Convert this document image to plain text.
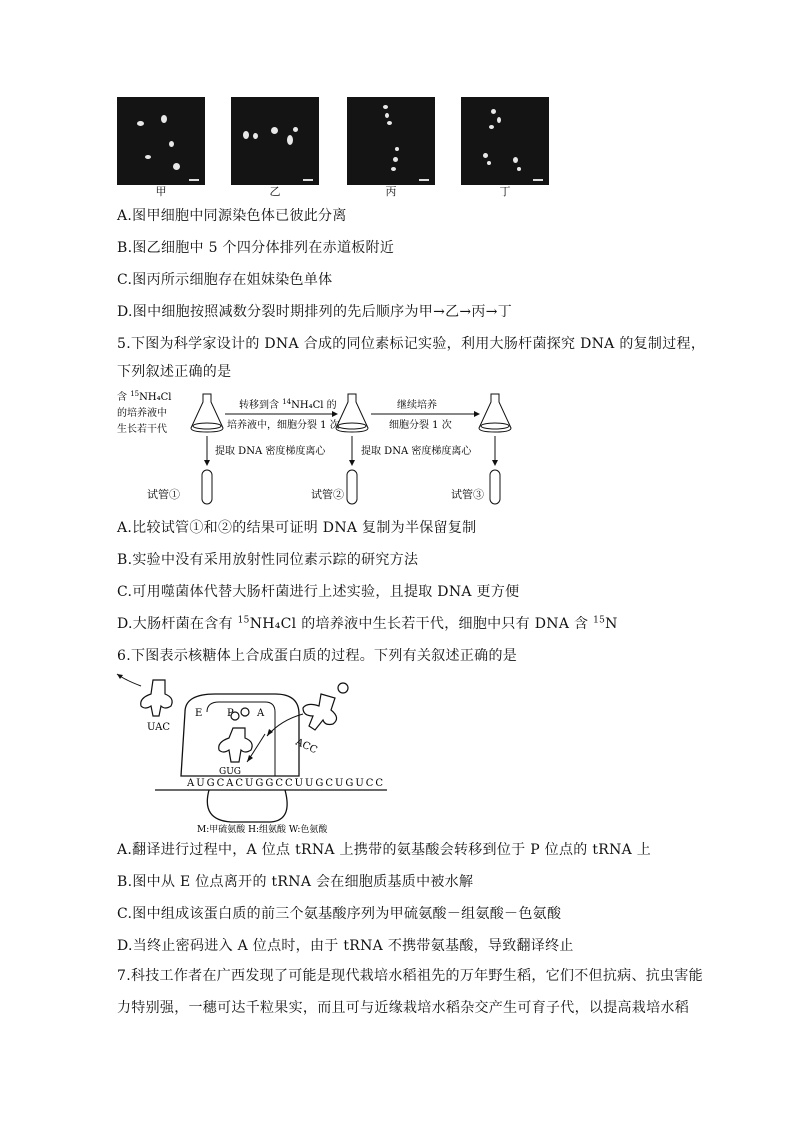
甲	乙	丙	丁
A.图甲细胞中同源染色体已彼此分离
B.图乙细胞中 5 个四分体排列在赤道板附近
C.图丙所示细胞存在姐妹染色单体
D.图中细胞按照减数分裂时期排列的先后顺序为甲→乙→丙→丁
5.下图为科学家设计的 DNA 合成的同位素标记实验，利用大肠杆菌探究 DNA 的复制过程，
下列叙述正确的是
含 $^{15}$NH₄Cl
的培养液中
生长若干代
转移到含 $^{14}$NH₄Cl 的
培养液中，细胞分裂 1 次
继续培养
细胞分裂 1 次
提取 DNA 密度梯度离心	提取 DNA 密度梯度离心
试管①	试管②	试管③
A.比较试管①和②的结果可证明 DNA 复制为半保留复制
B.实验中没有采用放射性同位素示踪的研究方法
C.可用噬菌体代替大肠杆菌进行上述实验，且提取 DNA 更方便
D.大肠杆菌在含有 $^{15}$NH₄Cl 的培养液中生长若干代，细胞中只有 DNA 含 $^{15}$N
6.下图表示核糖体上合成蛋白质的过程。下列有关叙述正确的是
UAC
E P A
GUG
ACC
AUGCACUGGCCUUGCUGUCC
M:甲硫氨酸 H:组氨酸 W:色氨酸
A.翻译进行过程中，A 位点 tRNA 上携带的氨基酸会转移到位于 P 位点的 tRNA 上
B.图中从 E 位点离开的 tRNA 会在细胞质基质中被水解
C.图中组成该蛋白质的前三个氨基酸序列为甲硫氨酸－组氨酸－色氨酸
D.当终止密码进入 A 位点时，由于 tRNA 不携带氨基酸，导致翻译终止
7.科技工作者在广西发现了可能是现代栽培水稻祖先的万年野生稻，它们不但抗病、抗虫害能
力特别强，一穗可达千粒果实，而且可与近缘栽培水稻杂交产生可育子代，以提高栽培水稻
